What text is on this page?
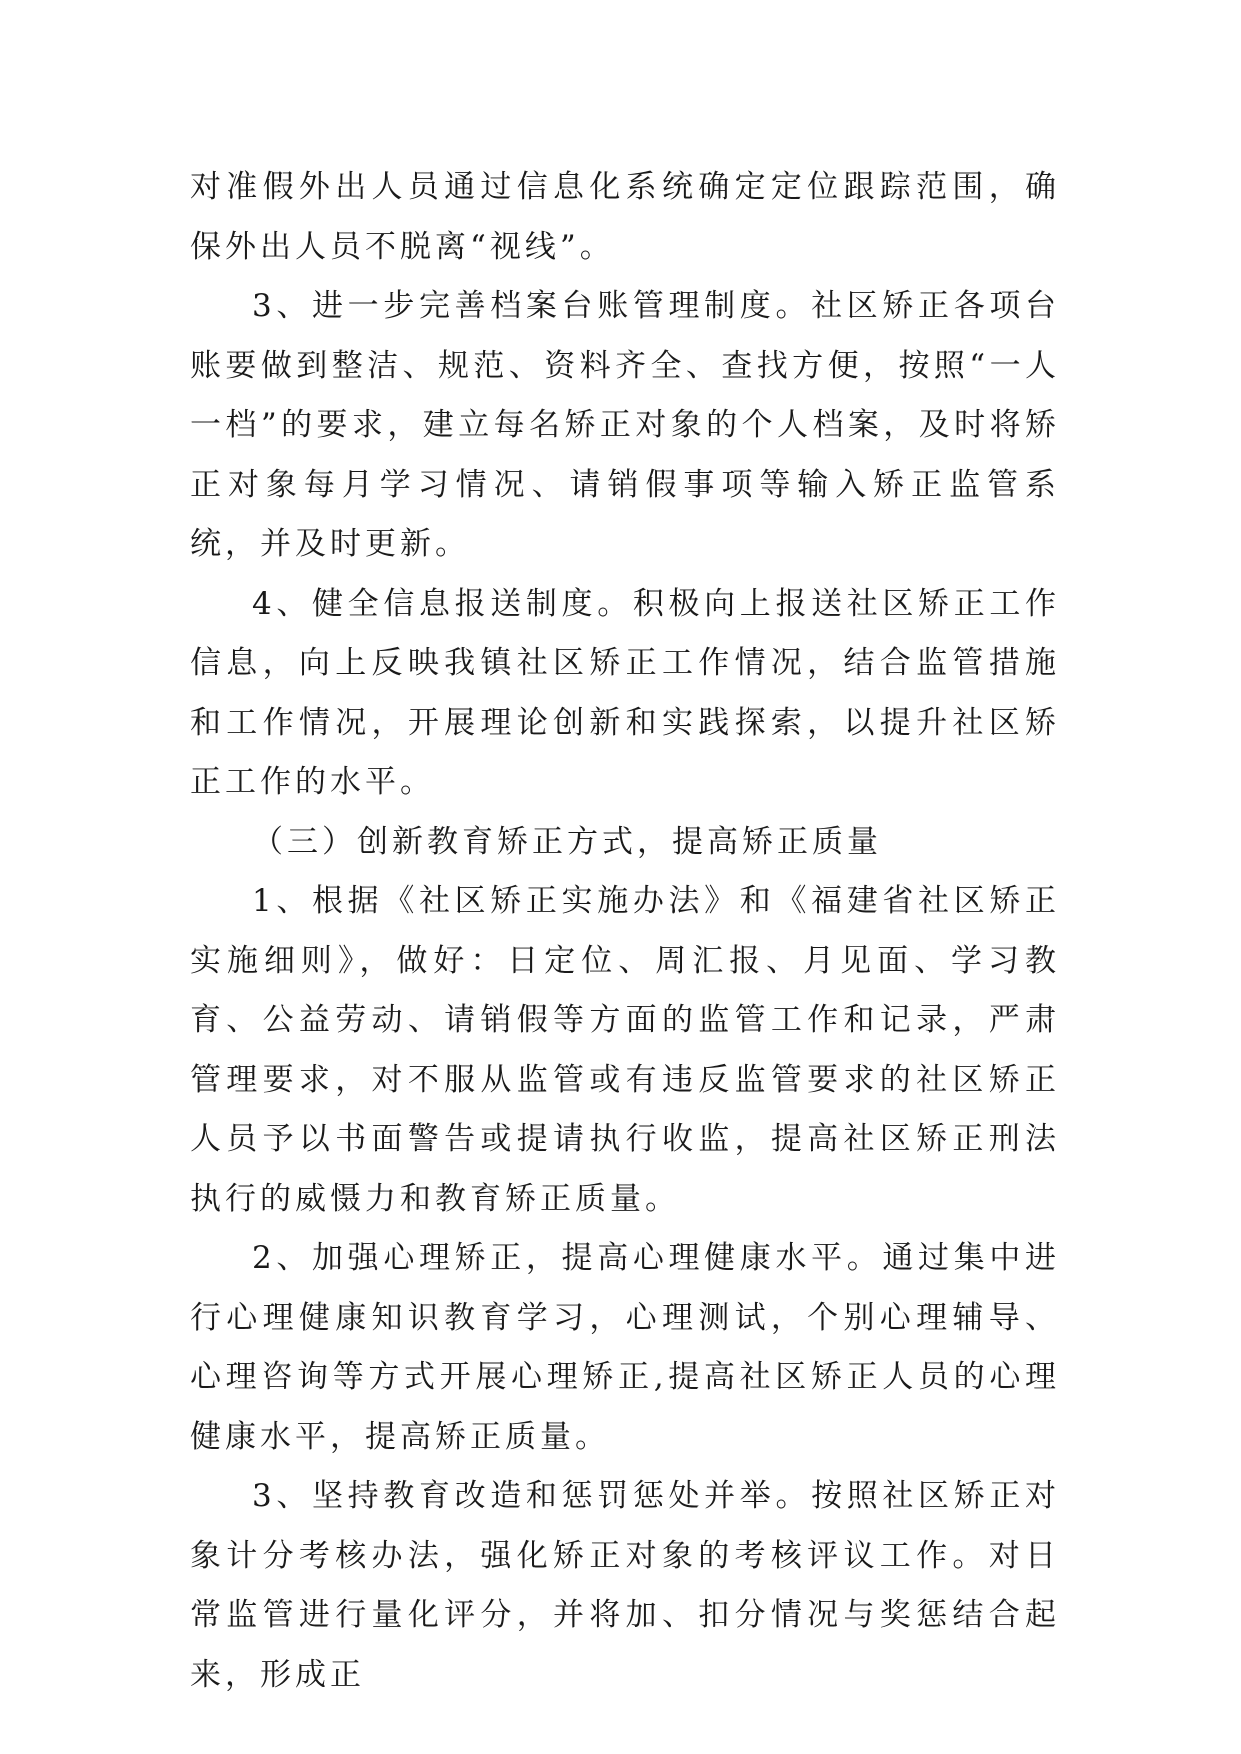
对准假外出人员通过信息化系统确定定位跟踪范围，确保外出人员不脱离“视线”。

3、进一步完善档案台账管理制度。社区矫正各项台账要做到整洁、规范、资料齐全、查找方便，按照“一人一档”的要求，建立每名矫正对象的个人档案，及时将矫正对象每月学习情况、请销假事项等输入矫正监管系统，并及时更新。

4、健全信息报送制度。积极向上报送社区矫正工作信息，向上反映我镇社区矫正工作情况，结合监管措施和工作情况，开展理论创新和实践探索，以提升社区矫正工作的水平。

（三）创新教育矫正方式，提高矫正质量

1、根据《社区矫正实施办法》和《福建省社区矫正实施细则》，做好：日定位、周汇报、月见面、学习教育、公益劳动、请销假等方面的监管工作和记录，严肃管理要求，对不服从监管或有违反监管要求的社区矫正人员予以书面警告或提请执行收监，提高社区矫正刑法执行的威慑力和教育矫正质量。

2、加强心理矫正，提高心理健康水平。通过集中进行心理健康知识教育学习，心理测试，个别心理辅导、心理咨询等方式开展心理矫正,提高社区矫正人员的心理健康水平，提高矫正质量。

3、坚持教育改造和惩罚惩处并举。按照社区矫正对象计分考核办法，强化矫正对象的考核评议工作。对日常监管进行量化评分，并将加、扣分情况与奖惩结合起来，形成正
